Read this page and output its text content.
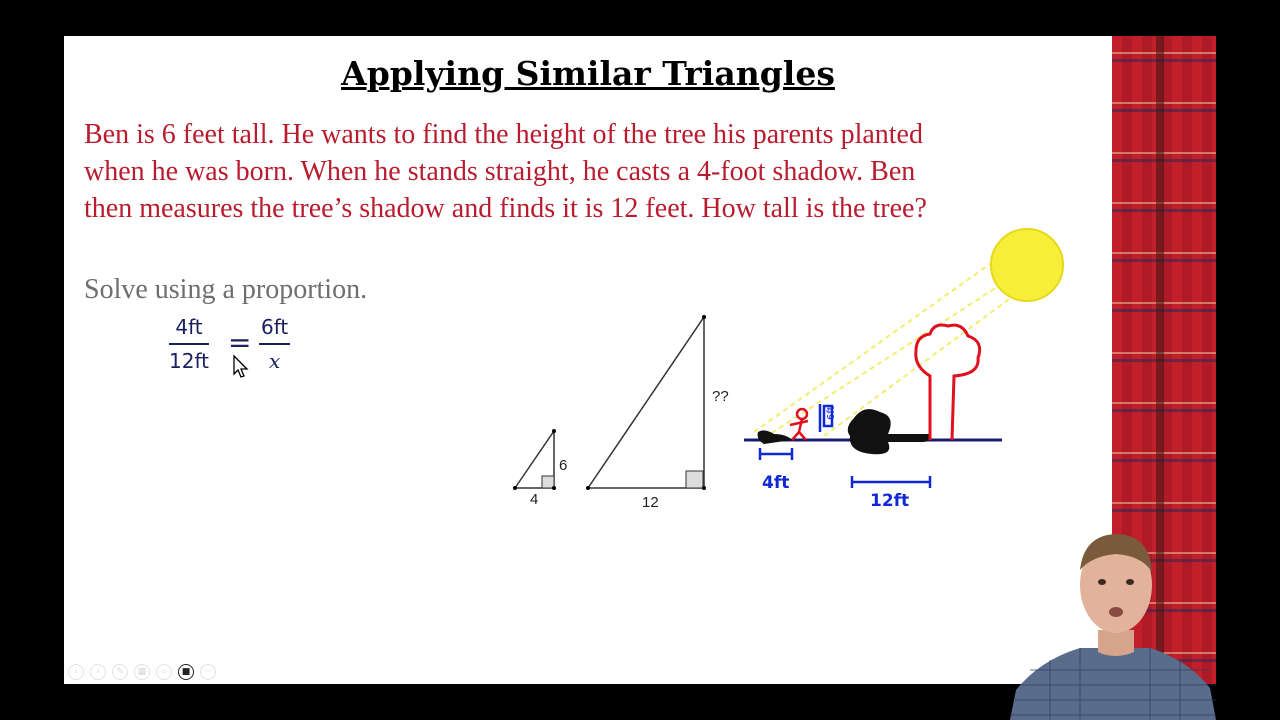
Applying Similar Triangles
Ben is 6 feet tall. He wants to find the height of the tree his parents planted
when he was born. When he stands straight, he casts a 4-foot shadow. Ben
then measures the tree’s shadow and finds it is 12 feet. How tall is the tree?
Solve using a proportion.
$\frac{4ft}{12ft} = \frac{6ft}{x}$
6
4
??
12
6ft
4ft
12ft
‹	›	✎	▦	⌕	■	⋯
